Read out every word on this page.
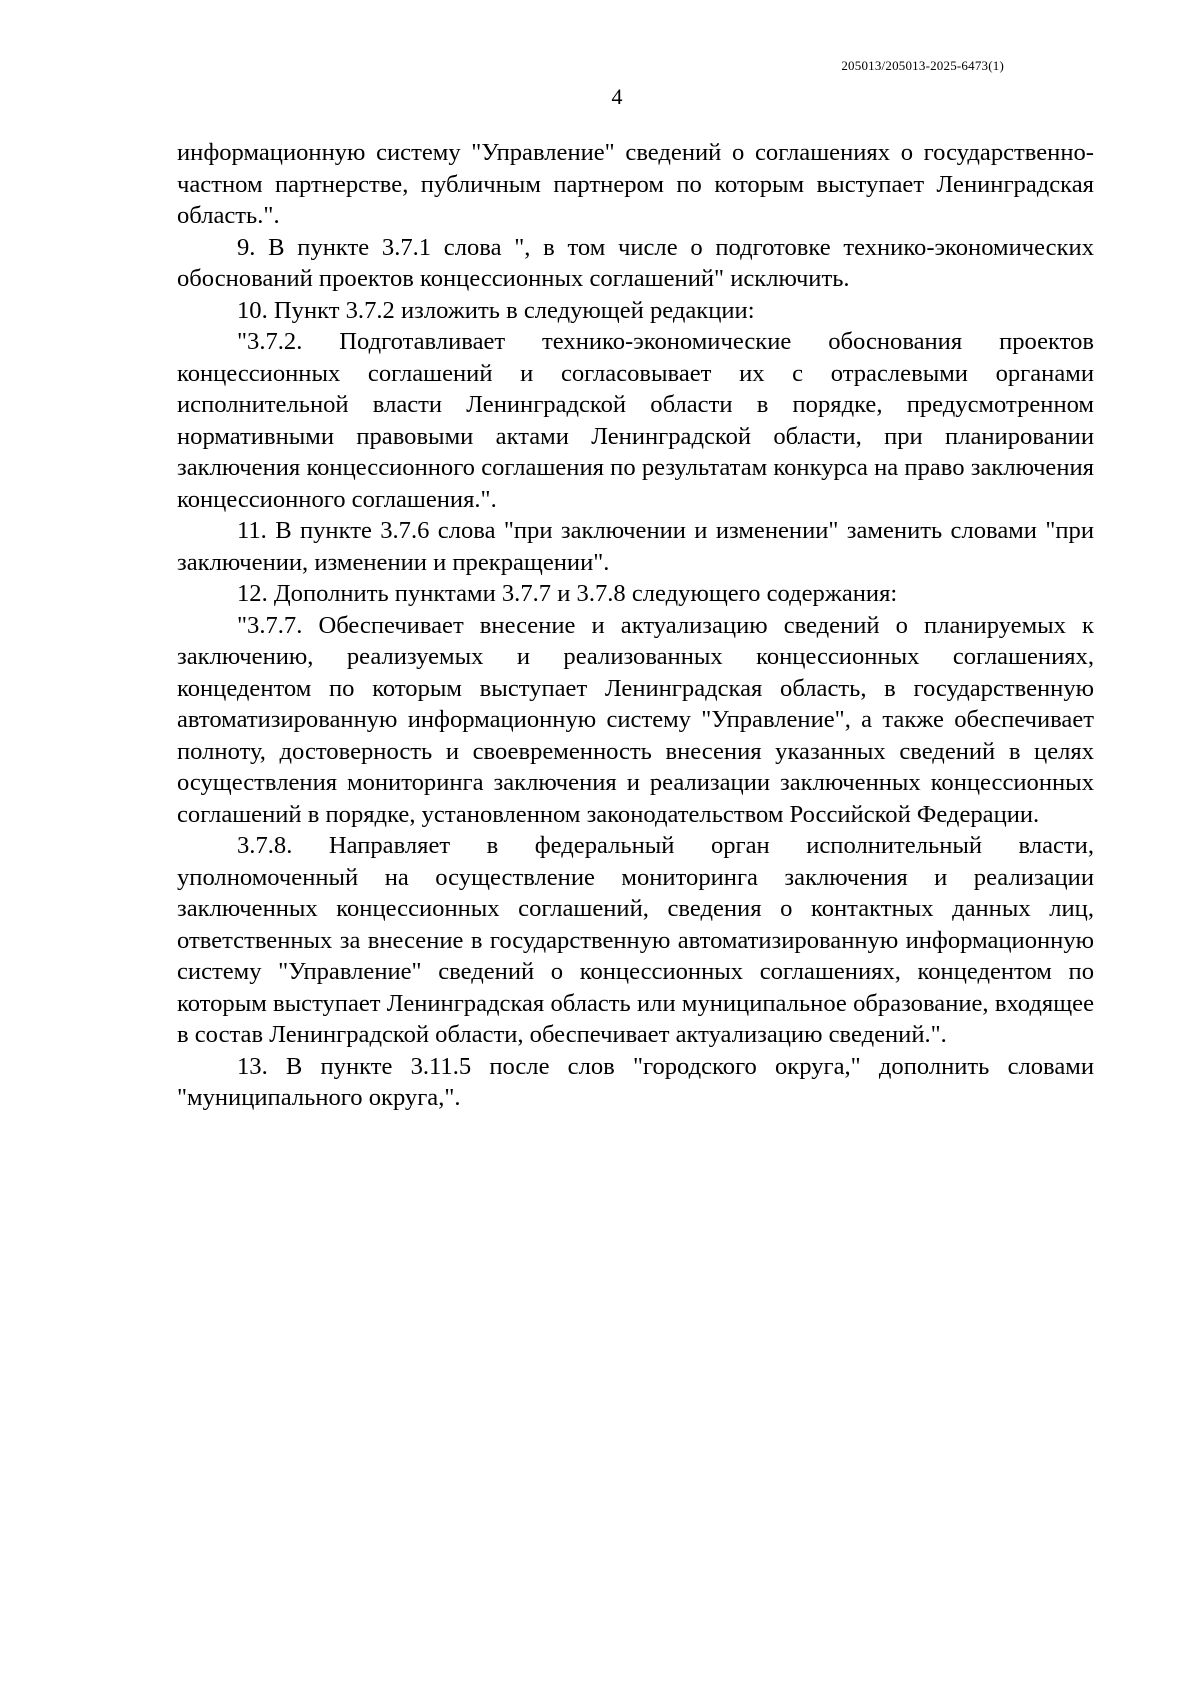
205013/205013-2025-6473(1)
4

информационную систему "Управление" сведений о соглашениях о государственно-частном партнерстве, публичным партнером по которым выступает Ленинградская область.".

9. В пункте 3.7.1 слова ", в том числе о подготовке технико-экономических обоснований проектов концессионных соглашений" исключить.

10. Пункт 3.7.2 изложить в следующей редакции:

"3.7.2. Подготавливает технико-экономические обоснования проектов концессионных соглашений и согласовывает их с отраслевыми органами исполнительной власти Ленинградской области в порядке, предусмотренном нормативными правовыми актами Ленинградской области, при планировании заключения концессионного соглашения по результатам конкурса на право заключения концессионного соглашения.".

11. В пункте 3.7.6 слова "при заключении и изменении" заменить словами "при заключении, изменении и прекращении".

12. Дополнить пунктами 3.7.7 и 3.7.8 следующего содержания:

"3.7.7. Обеспечивает внесение и актуализацию сведений о планируемых к заключению, реализуемых и реализованных концессионных соглашениях, концедентом по которым выступает Ленинградская область, в государственную автоматизированную информационную систему "Управление", а также обеспечивает полноту, достоверность и своевременность внесения указанных сведений в целях осуществления мониторинга заключения и реализации заключенных концессионных соглашений в порядке, установленном законодательством Российской Федерации.

3.7.8. Направляет в федеральный орган исполнительный власти, уполномоченный на осуществление мониторинга заключения и реализации заключенных концессионных соглашений, сведения о контактных данных лиц, ответственных за внесение в государственную автоматизированную информационную систему "Управление" сведений о концессионных соглашениях, концедентом по которым выступает Ленинградская область или муниципальное образование, входящее в состав Ленинградской области, обеспечивает актуализацию сведений.".

13. В пункте 3.11.5 после слов "городского округа," дополнить словами "муниципального округа,".
